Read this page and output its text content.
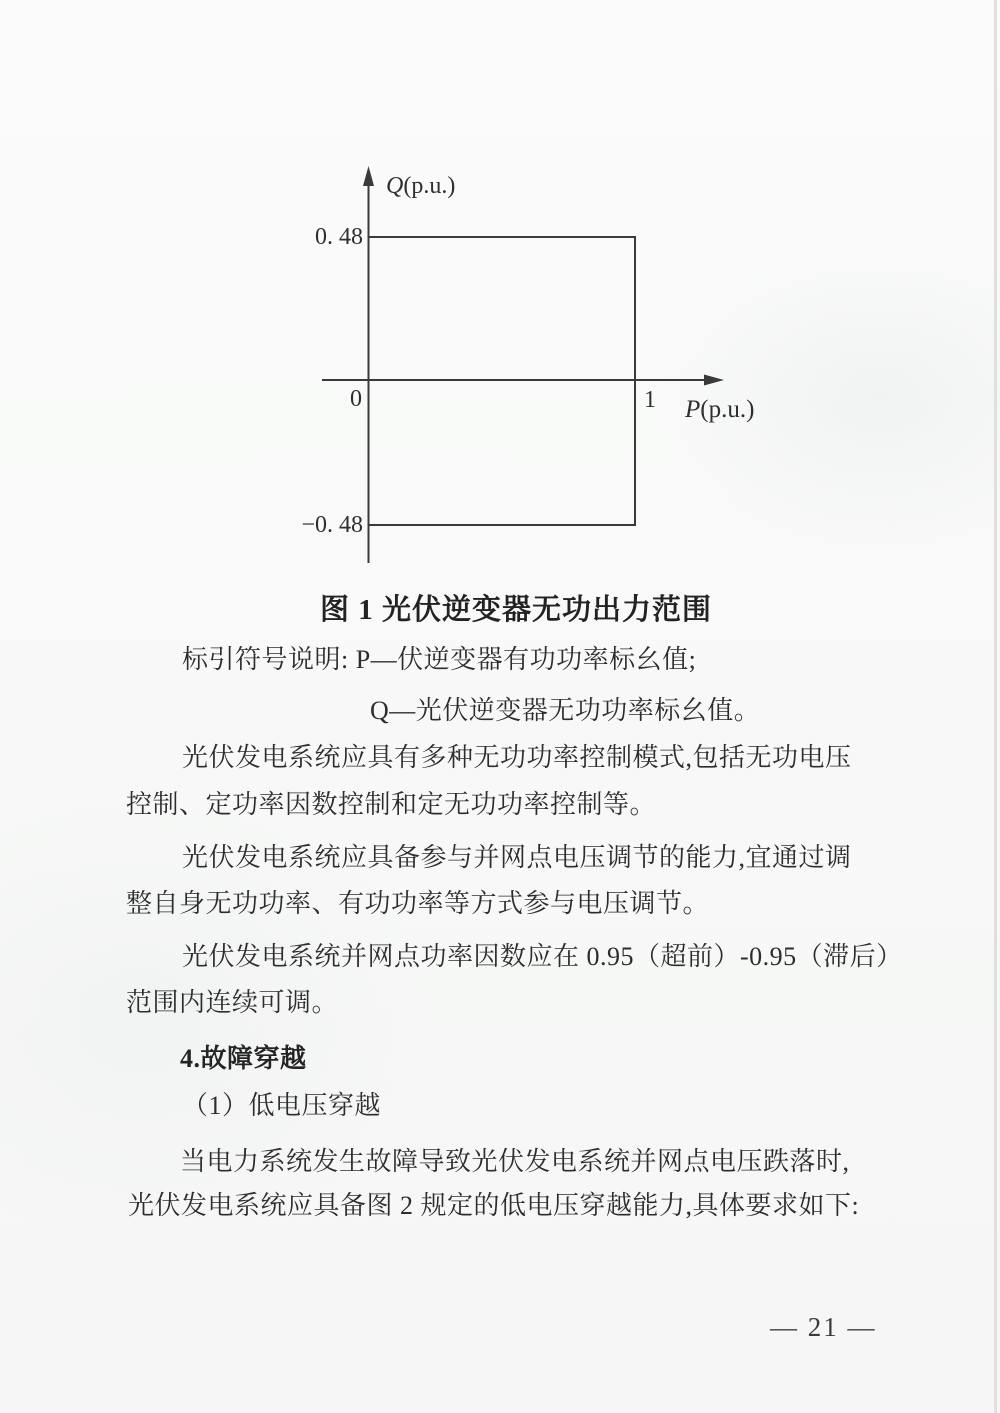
Q(p.u.)
P(p.u.)
0. 48
−0. 48
0	1
图 1 光伏逆变器无功出力范围
标引符号说明: P—伏逆变器有功功率标幺值;
Q—光伏逆变器无功功率标幺值。
光伏发电系统应具有多种无功功率控制模式,包括无功电压
控制、定功率因数控制和定无功功率控制等。
光伏发电系统应具备参与并网点电压调节的能力,宜通过调
整自身无功功率、有功功率等方式参与电压调节。
光伏发电系统并网点功率因数应在 0.95（超前）-0.95（滞后）
范围内连续可调。
4.故障穿越
（1）低电压穿越
当电力系统发生故障导致光伏发电系统并网点电压跌落时,
光伏发电系统应具备图 2 规定的低电压穿越能力,具体要求如下:
— 21 —
